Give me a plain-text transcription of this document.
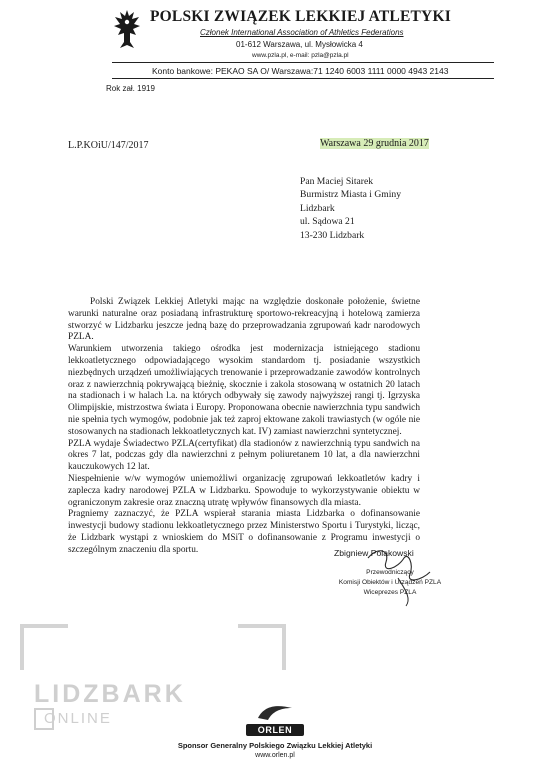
POLSKI ZWIĄZEK LEKKIEJ ATLETYKI
Członek International Association of Athletics Federations
01-612 Warszawa, ul. Mysłowicka 4
www.pzla.pl, e-mail: pzla@pzla.pl
Konto bankowe: PEKAO SA O/ Warszawa:71 1240 6003 1111 0000 4943 2143
Rok zał. 1919
L.P.KOiU/147/2017	Warszawa 29 grudnia 2017
Pan Maciej Sitarek
Burmistrz Miasta i Gminy
Lidzbark
ul. Sądowa 21
13-230 Lidzbark

Polski Związek Lekkiej Atletyki mając na względzie doskonałe położenie, świetne warunki naturalne oraz posiadaną infrastrukturę sportowo-rekreacyjną i hotelową zamierza stworzyć w Lidzbarku jeszcze jedną bazę do przeprowadzania zgrupowań kadr narodowych PZLA.

Warunkiem utworzenia takiego ośrodka jest modernizacja istniejącego stadionu lekkoatletycznego odpowiadającego wysokim standardom tj. posiadanie wszystkich niezbędnych urządzeń umożliwiających trenowanie i przeprowadzanie zawodów kontrolnych oraz z nawierzchnią pokrywającą bieżnię, skocznie i zakola stosowaną w ostatnich 20 latach na stadionach i w halach l.a. na których odbywały się zawody najwyższej rangi tj. Igrzyska Olimpijskie, mistrzostwa świata i Europy. Proponowana obecnie nawierzchnia typu sandwich nie spełnia tych wymogów, podobnie jak też zaproj ektowane zakoli trawiastych (w ogóle nie stosowanych na stadionach lekkoatletycznych kat. IV) zamiast nawierzchni syntetycznej.

PZLA wydaje Świadectwo PZLA(certyfikat) dla stadionów z nawierzchnią typu sandwich na okres 7 lat, podczas gdy dla nawierzchni z pełnym poliuretanem 10 lat, a dla nawierzchni kauczukowych 12 lat.

Niespełnienie w/w wymogów uniemożliwi organizację zgrupowań lekkoatletów kadry i zaplecza kadry narodowej PZLA w Lidzbarku. Spowoduje to wykorzystywanie obiektu w ograniczonym zakresie oraz znaczną utratę wpływów finansowych dla miasta.

Pragniemy zaznaczyć, że PZLA wspierał starania miasta Lidzbarka o dofinansowanie inwestycji budowy stadionu lekkoatletycznego przez Ministerstwo Sportu i Turystyki, licząc, że Lidzbark wystąpi z wnioskiem do MSiT o dofinansowanie z Programu inwestycji o szczególnym znaczeniu dla sportu.	Zbigniew Polakowski
Przewodniczący
Komisji Obiektów i Urządzeń PZLA
Wiceprezes PZLA
LIDZBARK
ONLINE
ORLEN
Sponsor Generalny Polskiego Związku Lekkiej Atletyki
www.orlen.pl
